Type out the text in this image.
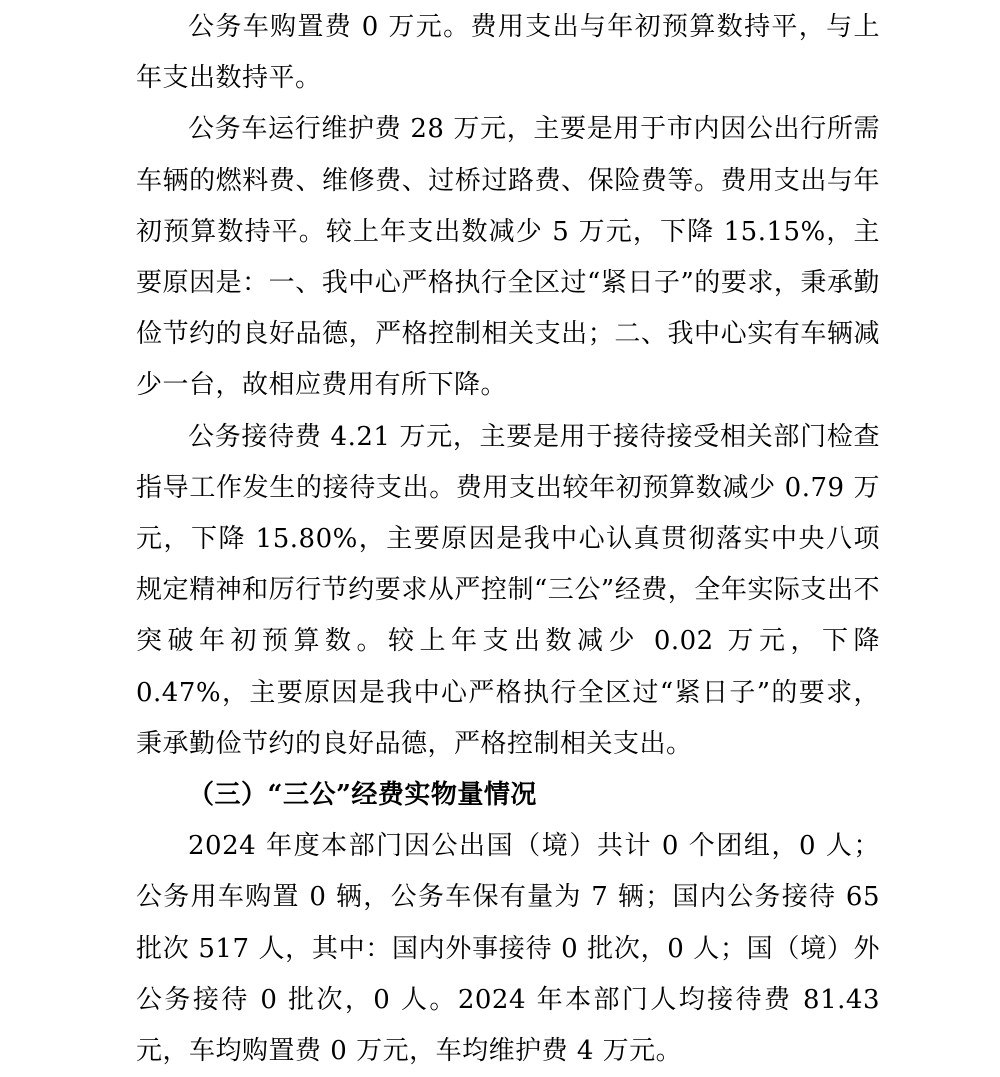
公务车购置费 0 万元。费用支出与年初预算数持平，与上年支出数持平。

公务车运行维护费 28 万元，主要是用于市内因公出行所需车辆的燃料费、维修费、过桥过路费、保险费等。费用支出与年初预算数持平。较上年支出数减少 5 万元，下降 15.15%，主要原因是：一、我中心严格执行全区过“紧日子”的要求，秉承勤俭节约的良好品德，严格控制相关支出；二、我中心实有车辆减少一台，故相应费用有所下降。

公务接待费 4.21 万元，主要是用于接待接受相关部门检查指导工作发生的接待支出。费用支出较年初预算数减少 0.79 万元，下降 15.80%，主要原因是我中心认真贯彻落实中央八项规定精神和厉行节约要求从严控制“三公”经费，全年实际支出不突破年初预算数。较上年支出数减少 0.02 万元，下降 0.47%，主要原因是我中心严格执行全区过“紧日子”的要求，秉承勤俭节约的良好品德，严格控制相关支出。

（三）“三公”经费实物量情况

2024 年度本部门因公出国（境）共计 0 个团组，0 人；公务用车购置 0 辆，公务车保有量为 7 辆；国内公务接待 65 批次 517 人，其中：国内外事接待 0 批次，0 人；国（境）外公务接待 0 批次，0 人。2024 年本部门人均接待费 81.43 元，车均购置费 0 万元，车均维护费 4 万元。
